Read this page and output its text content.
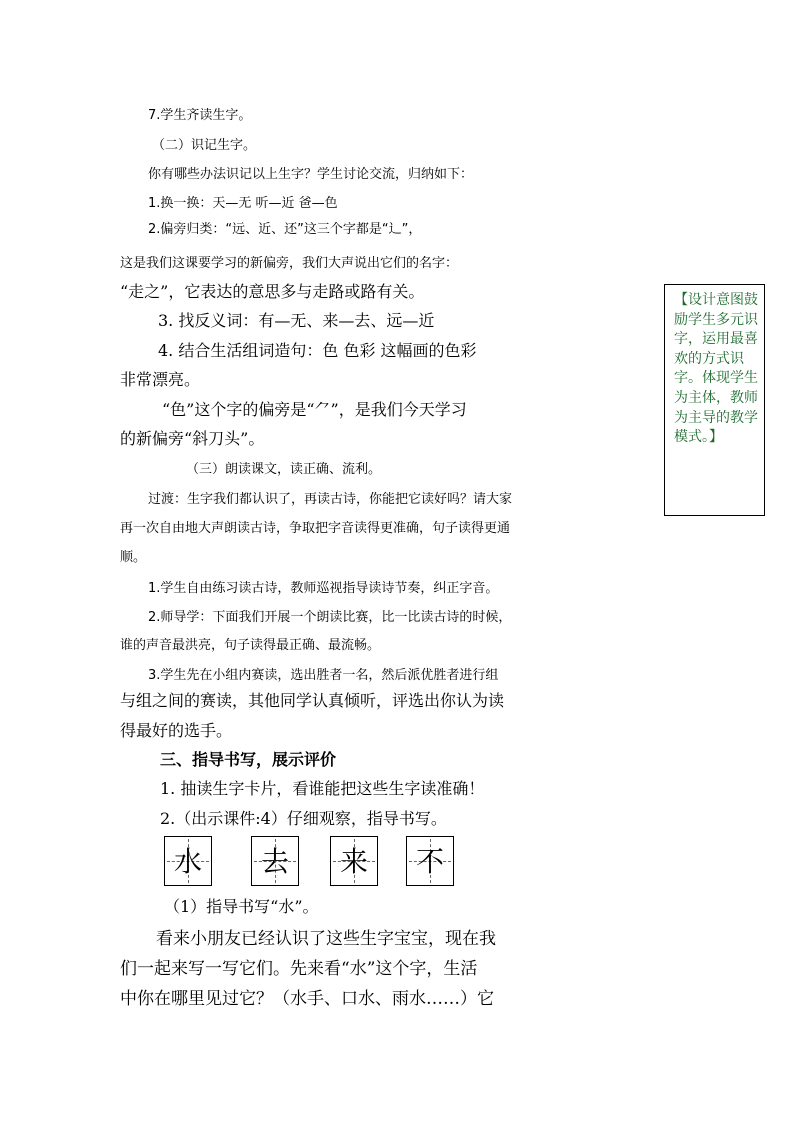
7.学生齐读生字。
（二）识记生字。
你有哪些办法识记以上生字？学生讨论交流，归纳如下：
1.换一换：天—无 听—近 爸—色
2.偏旁归类：“远、近、还”这三个字都是“辶”，
这是我们这课要学习的新偏旁，我们大声说出它们的名字：
“走之”，它表达的意思多与走路或路有关。
3. 找反义词：有—无、来—去、远—近
4. 结合生活组词造句：色 色彩 这幅画的色彩
非常漂亮。
“色”这个字的偏旁是“⺈”，是我们今天学习
的新偏旁“斜刀头”。
（三）朗读课文，读正确、流利。
过渡：生字我们都认识了，再读古诗，你能把它读好吗？请大家
再一次自由地大声朗读古诗，争取把字音读得更准确，句子读得更通
顺。
1.学生自由练习读古诗，教师巡视指导读诗节奏，纠正字音。
2.师导学：下面我们开展一个朗读比赛，比一比读古诗的时候，
谁的声音最洪亮，句子读得最正确、最流畅。
3.学生先在小组内赛读，选出胜者一名，然后派优胜者进行组
与组之间的赛读，其他同学认真倾听，评选出你认为读
得最好的选手。
三、指导书写，展示评价
1. 抽读生字卡片，看谁能把这些生字读准确！
2.（出示课件:4）仔细观察，指导书写。
水	去	来	不
（1）指导书写“水”。
看来小朋友已经认识了这些生字宝宝，现在我
们一起来写一写它们。先来看“水”这个字，生活
中你在哪里见过它？（水手、口水、雨水……）它
【设计意图鼓励学生多元识字，运用最喜欢的方式识字。体现学生为主体，教师为主导的教学模式。】
